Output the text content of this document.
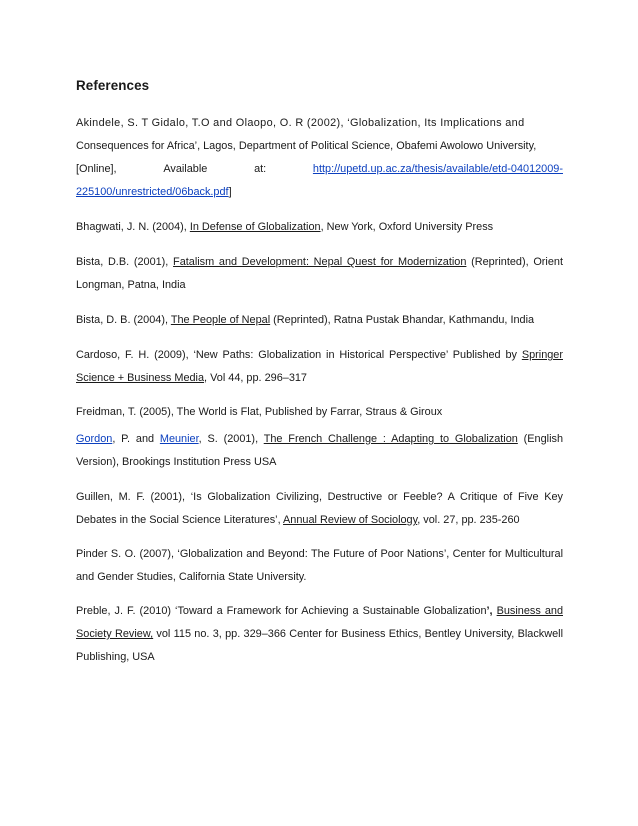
References
Akindele, S. T Gidalo, T.O and Olaopo, O. R (2002), ‘Globalization, Its Implications and
Consequences for Africa’, Lagos, Department of Political Science, Obafemi Awolowo University,
[Online],	Available	at:	http://upetd.up.ac.za/thesis/available/etd-04012009-
225100/unrestricted/06back.pdf]
Bhagwati, J. N. (2004), In Defense of Globalization, New York, Oxford University Press
Bista, D.B. (2001), Fatalism and Development: Nepal Quest for Modernization (Reprinted), Orient Longman, Patna, India
Bista, D. B. (2004), The People of Nepal (Reprinted), Ratna Pustak Bhandar, Kathmandu, India
Cardoso, F. H. (2009), ‘New Paths: Globalization in Historical Perspective’ Published by Springer Science + Business Media, Vol 44, pp. 296–317
Freidman, T. (2005), The World is Flat, Published by Farrar, Straus & Giroux
Gordon, P. and Meunier, S. (2001), The French Challenge : Adapting to Globalization (English Version), Brookings Institution Press USA
Guillen, M. F. (2001), ‘Is Globalization Civilizing, Destructive or Feeble? A Critique of Five Key Debates in the Social Science Literatures’, Annual Review of Sociology, vol. 27, pp. 235-260
Pinder S. O. (2007), ‘Globalization and Beyond: The Future of Poor Nations’, Center for Multicultural and Gender Studies, California State University.
Preble, J. F. (2010) ‘Toward a Framework for Achieving a Sustainable Globalization’, Business and Society Review, vol 115 no. 3, pp. 329–366 Center for Business Ethics, Bentley University, Blackwell Publishing, USA
